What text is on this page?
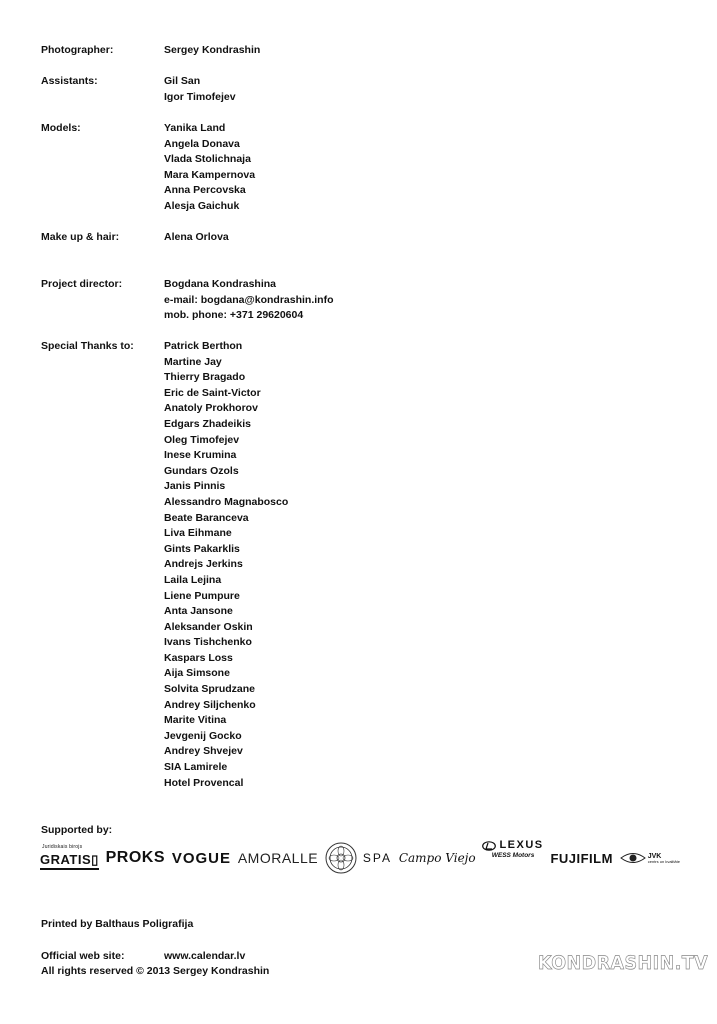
Photographer:	Sergey Kondrashin
Assistants:	Gil San
Igor Timofejev
Models:	Yanika Land
Angela Donava
Vlada Stolichnaja
Mara Kampernova
Anna Percovska
Alesja Gaichuk
Make up & hair:	Alena Orlova
Project director:	Bogdana Kondrashina
e-mail: bogdana@kondrashin.info
mob. phone: +371 29620604
Special Thanks to:	Patrick Berthon
Martine Jay
Thierry Bragado
Eric de Saint-Victor
Anatoly Prokhorov
Edgars Zhadeikis
Oleg Timofejev
Inese Krumina
Gundars Ozols
Janis Pinnis
Alessandro Magnabosco
Beate Baranceva
Liva Eihmane
Gints Pakarklis
Andrejs Jerkins
Laila Lejina
Liene Pumpure
Anta Jansone
Aleksander Oskin
Ivans Tishchenko
Kaspars Loss
Aija Simsone
Solvita Sprudzane
Andrey Siljchenko
Marite Vitina
Jevgenij Gocko
Andrey Shvejev
SIA Lamirele
Hotel Provencal
Supported by:
Juridiskais birojs
GRATIS▯ PROKS VOGUE AMORALLE	SPA Campo Viejo
LEXUS
WESS Motors FUJIFILM	JVK
centrs un kvalitāte
Printed by Balthaus Poligrafija
Official web site:	www.calendar.lv
All rights reserved © 2013 Sergey Kondrashin	KONDRASHIN.TV
